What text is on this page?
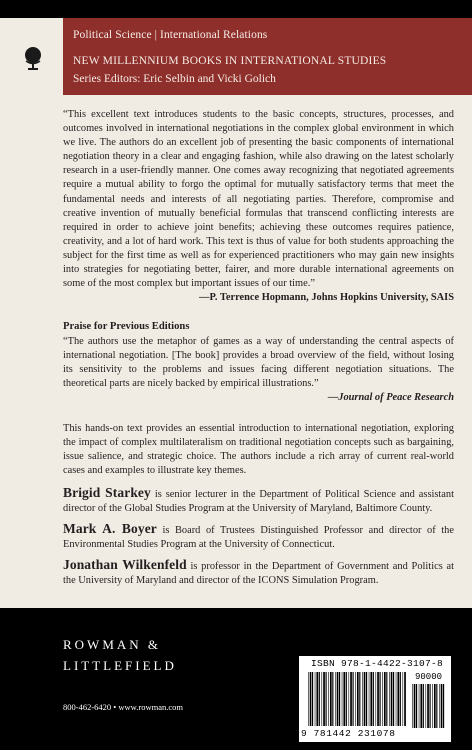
Political Science | International Relations
NEW MILLENNIUM BOOKS IN INTERNATIONAL STUDIES
Series Editors: Eric Selbin and Vicki Golich
“This excellent text introduces students to the basic concepts, structures, processes, and outcomes involved in international negotiations in the complex global environment in which we live. The authors do an excellent job of presenting the basic components of international negotiation theory in a clear and engaging fashion, while also drawing on the latest scholarly research in a user-friendly manner. One comes away recognizing that negotiated agreements require a mutual ability to forgo the optimal for mutually satisfactory terms that meet the fundamental needs and interests of all negotiating parties. Therefore, compromise and creative invention of mutually beneficial formulas that transcend conflicting interests are required in order to achieve joint benefits; achieving these outcomes requires patience, creativity, and a lot of hard work. This text is thus of value for both students approaching the subject for the first time as well as for experienced practitioners who may gain new insights into strategies for negotiating better, fairer, and more durable international agreements on some of the most complex but important issues of our time.”
—P. Terrence Hopmann, Johns Hopkins University, SAIS
Praise for Previous Editions
“The authors use the metaphor of games as a way of understanding the central aspects of international negotiation. [The book] provides a broad overview of the field, without losing its sensitivity to the problems and issues facing different negotiation situations. The theoretical parts are nicely backed by empirical illustrations.”
—Journal of Peace Research
This hands-on text provides an essential introduction to international negotiation, exploring the impact of complex multilateralism on traditional negotiation concepts such as bargaining, issue salience, and strategic choice. The authors include a rich array of current real-world cases and examples to illustrate key themes.
Brigid Starkey is senior lecturer in the Department of Political Science and assistant director of the Global Studies Program at the University of Maryland, Baltimore County.
Mark A. Boyer is Board of Trustees Distinguished Professor and director of the Environmental Studies Program at the University of Connecticut.
Jonathan Wilkenfeld is professor in the Department of Government and Politics at the University of Maryland and director of the ICONS Simulation Program.
ROWMAN &
LITTLEFIELD
800-462-6420 • www.rowman.com
ISBN 978-1-4422-3107-8
90000
9 781442 231078
